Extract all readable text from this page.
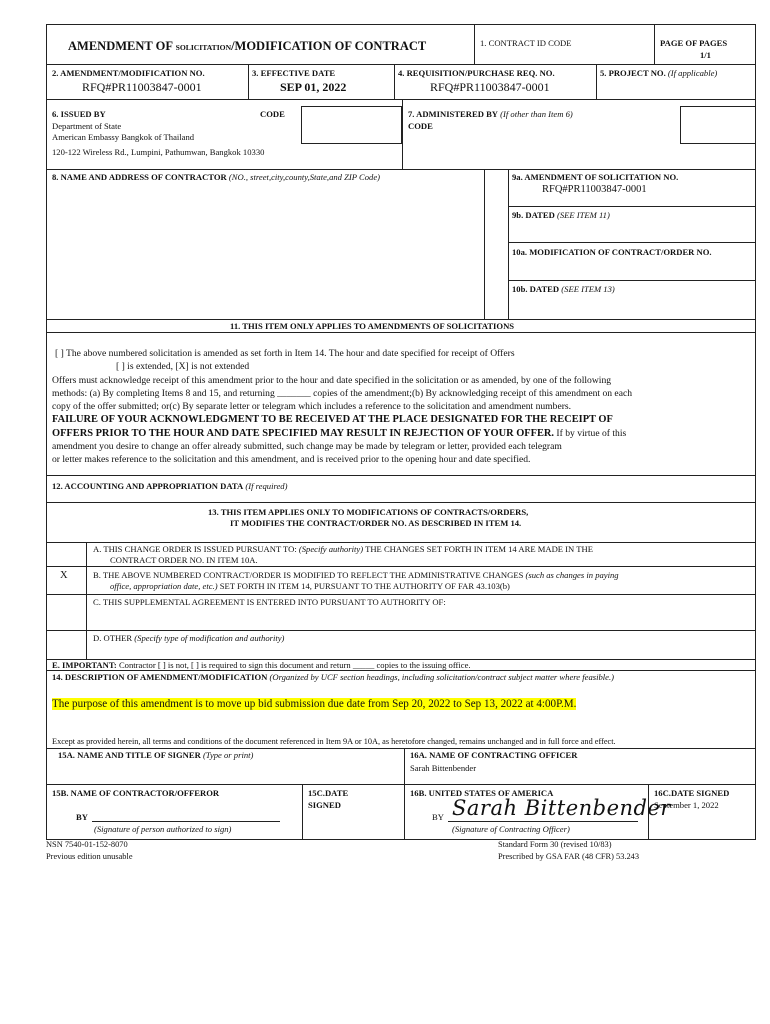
AMENDMENT OF SOLICITATION/MODIFICATION OF CONTRACT	1. CONTRACT ID CODE	PAGE OF PAGES
1/1
2. AMENDMENT/MODIFICATION NO.
RFQ#PR11003847-0001
3. EFFECTIVE DATE
SEP 01, 2022
4. REQUISITION/PURCHASE REQ. NO.
RFQ#PR11003847-0001
5. PROJECT NO. (If applicable)
6. ISSUED BY	CODE
Department of State
American Embassy Bangkok of Thailand
120-122 Wireless Rd., Lumpini, Pathumwan, Bangkok 10330
7. ADMINISTERED BY (If other than Item 6)
CODE
8. NAME AND ADDRESS OF CONTRACTOR (NO., street,city,county,State,and ZIP Code)	9a. AMENDMENT OF SOLICITATION NO.
RFQ#PR11003847-0001
9b. DATED (SEE ITEM 11)
10a. MODIFICATION OF CONTRACT/ORDER NO.
10b. DATED (SEE ITEM 13)
11. THIS ITEM ONLY APPLIES TO AMENDMENTS OF SOLICITATIONS
[ ] The above numbered solicitation is amended as set forth in Item 14. The hour and date specified for receipt of Offers
[ ] is extended, [X] is not extended
Offers must acknowledge receipt of this amendment prior to the hour and date specified in the solicitation or as amended, by one of the following
methods: (a) By completing Items 8 and 15, and returning _______ copies of the amendment;(b) By acknowledging receipt of this amendment on each
copy of the offer submitted; or(c) By separate letter or telegram which includes a reference to the solicitation and amendment numbers.
FAILURE OF YOUR ACKNOWLEDGMENT TO BE RECEIVED AT THE PLACE DESIGNATED FOR THE RECEIPT OF
OFFERS PRIOR TO THE HOUR AND DATE SPECIFIED MAY RESULT IN REJECTION OF YOUR OFFER. If by virtue of this
amendment you desire to change an offer already submitted, such change may be made by telegram or letter, provided each telegram
or letter makes reference to the solicitation and this amendment, and is received prior to the opening hour and date specified.
12. ACCOUNTING AND APPROPRIATION DATA (If required)
13. THIS ITEM APPLIES ONLY TO MODIFICATIONS OF CONTRACTS/ORDERS,
IT MODIFIES THE CONTRACT/ORDER NO. AS DESCRIBED IN ITEM 14.
A. THIS CHANGE ORDER IS ISSUED PURSUANT TO: (Specify authority) THE CHANGES SET FORTH IN ITEM 14 ARE MADE IN THE
CONTRACT ORDER NO. IN ITEM 10A.
X	B. THE ABOVE NUMBERED CONTRACT/ORDER IS MODIFIED TO REFLECT THE ADMINISTRATIVE CHANGES (such as changes in paying
office, appropriation date, etc.) SET FORTH IN ITEM 14, PURSUANT TO THE AUTHORITY OF FAR 43.103(b)
C. THIS SUPPLEMENTAL AGREEMENT IS ENTERED INTO PURSUANT TO AUTHORITY OF:
D. OTHER (Specify type of modification and authority)
E. IMPORTANT: Contractor [ ] is not, [ ] is required to sign this document and return _____ copies to the issuing office.
14. DESCRIPTION OF AMENDMENT/MODIFICATION (Organized by UCF section headings, including solicitation/contract subject matter where feasible.)
The purpose of this amendment is to move up bid submission due date from Sep 20, 2022 to Sep 13, 2022 at 4:00P.M.
Except as provided herein, all terms and conditions of the document referenced in Item 9A or 10A, as heretofore changed, remains unchanged and in full force and effect.
15A. NAME AND TITLE OF SIGNER (Type or print)	16A. NAME OF CONTRACTING OFFICER
Sarah Bittenbender
15B. NAME OF CONTRACTOR/OFFEROR
BY
(Signature of person authorized to sign)
15C.DATE
SIGNED
16B. UNITED STATES OF AMERICA
BY Sarah Bittenbender
(Signature of Contracting Officer)
16C.DATE SIGNED
September 1, 2022
NSN 7540-01-152-8070
Previous edition unusable
Standard Form 30 (revised 10/83)
Prescribed by GSA FAR (48 CFR) 53.243
